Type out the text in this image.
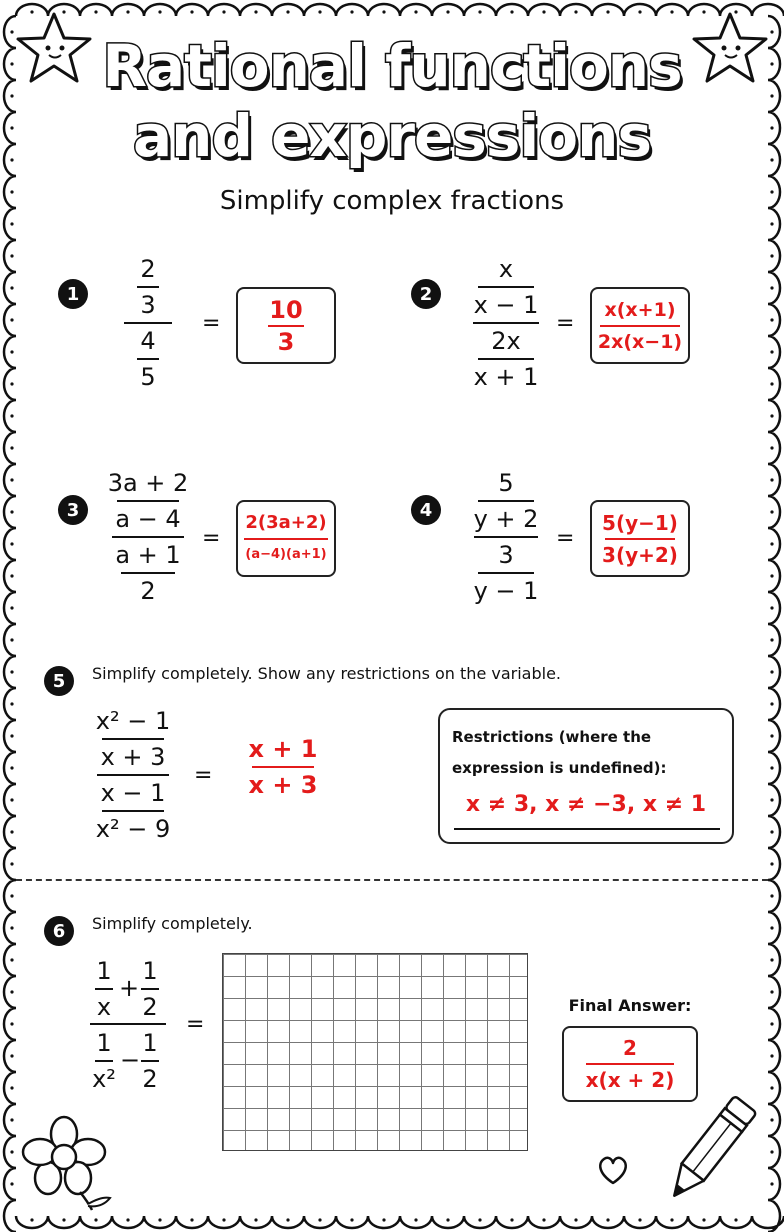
Rational functions
and expressions
Simplify complex fractions
1
2
3
4
5
= 10
3
2
x
x − 1
2x
x + 1
=
x(x+1)
2x(x−1)
3
3a + 2
a − 4
a + 1
2
=
2(3a+2)
(a−4)(a+1)
4
5
y + 2
3
y − 1
=
5(y−1)
3(y+2)
5	Simplify completely. Show any restrictions on the variable.
x² − 1
x + 3
x − 1
x² − 9
=
x + 1
x + 3
Restrictions (where the expression is undefined):
x ≠ 3, x ≠ −3, x ≠ 1
6	Simplify completely.
1
x
+
1
2
1
x²
−
1
2
=
Final Answer:
2
x(x + 2)
